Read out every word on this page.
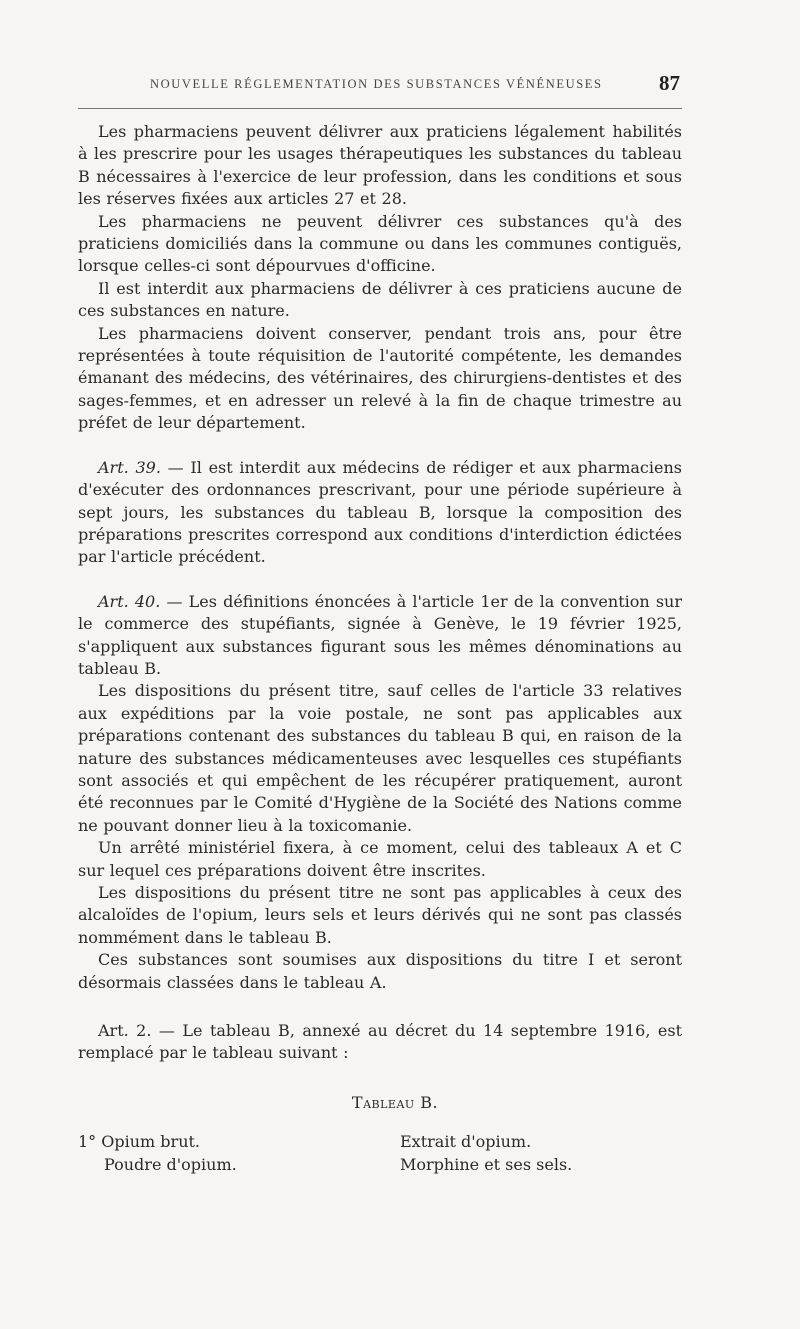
NOUVELLE RÉGLEMENTATION DES SUBSTANCES VÉNÉNEUSES	87

Les pharmaciens peuvent délivrer aux praticiens légalement habilités à les prescrire pour les usages thérapeutiques les substances du tableau B nécessaires à l'exercice de leur profession, dans les conditions et sous les réserves fixées aux articles 27 et 28.

Les pharmaciens ne peuvent délivrer ces substances qu'à des praticiens domiciliés dans la commune ou dans les communes contiguës, lorsque celles-ci sont dépourvues d'officine.

Il est interdit aux pharmaciens de délivrer à ces praticiens aucune de ces substances en nature.

Les pharmaciens doivent conserver, pendant trois ans, pour être représentées à toute réquisition de l'autorité compétente, les demandes émanant des médecins, des vétérinaires, des chirurgiens-dentistes et des sages-femmes, et en adresser un relevé à la fin de chaque trimestre au préfet de leur département.

Art. 39. — Il est interdit aux médecins de rédiger et aux pharmaciens d'exécuter des ordonnances prescrivant, pour une période supérieure à sept jours, les substances du tableau B, lorsque la composition des préparations prescrites correspond aux conditions d'interdiction édictées par l'article précédent.

Art. 40. — Les définitions énoncées à l'article 1er de la convention sur le commerce des stupéfiants, signée à Genève, le 19 février 1925, s'appliquent aux substances figurant sous les mêmes dénominations au tableau B.

Les dispositions du présent titre, sauf celles de l'article 33 relatives aux expéditions par la voie postale, ne sont pas applicables aux préparations contenant des substances du tableau B qui, en raison de la nature des substances médicamenteuses avec lesquelles ces stupéfiants sont associés et qui empêchent de les récupérer pratiquement, auront été reconnues par le Comité d'Hygiène de la Société des Nations comme ne pouvant donner lieu à la toxicomanie.

Un arrêté ministériel fixera, à ce moment, celui des tableaux A et C sur lequel ces préparations doivent être inscrites.

Les dispositions du présent titre ne sont pas applicables à ceux des alcaloïdes de l'opium, leurs sels et leurs dérivés qui ne sont pas classés nommément dans le tableau B.

Ces substances sont soumises aux dispositions du titre I et seront désormais classées dans le tableau A.

Art. 2. — Le tableau B, annexé au décret du 14 septembre 1916, est remplacé par le tableau suivant :

Tableau B.
1° Opium brut.
Poudre d'opium.
Extrait d'opium.
Morphine et ses sels.
